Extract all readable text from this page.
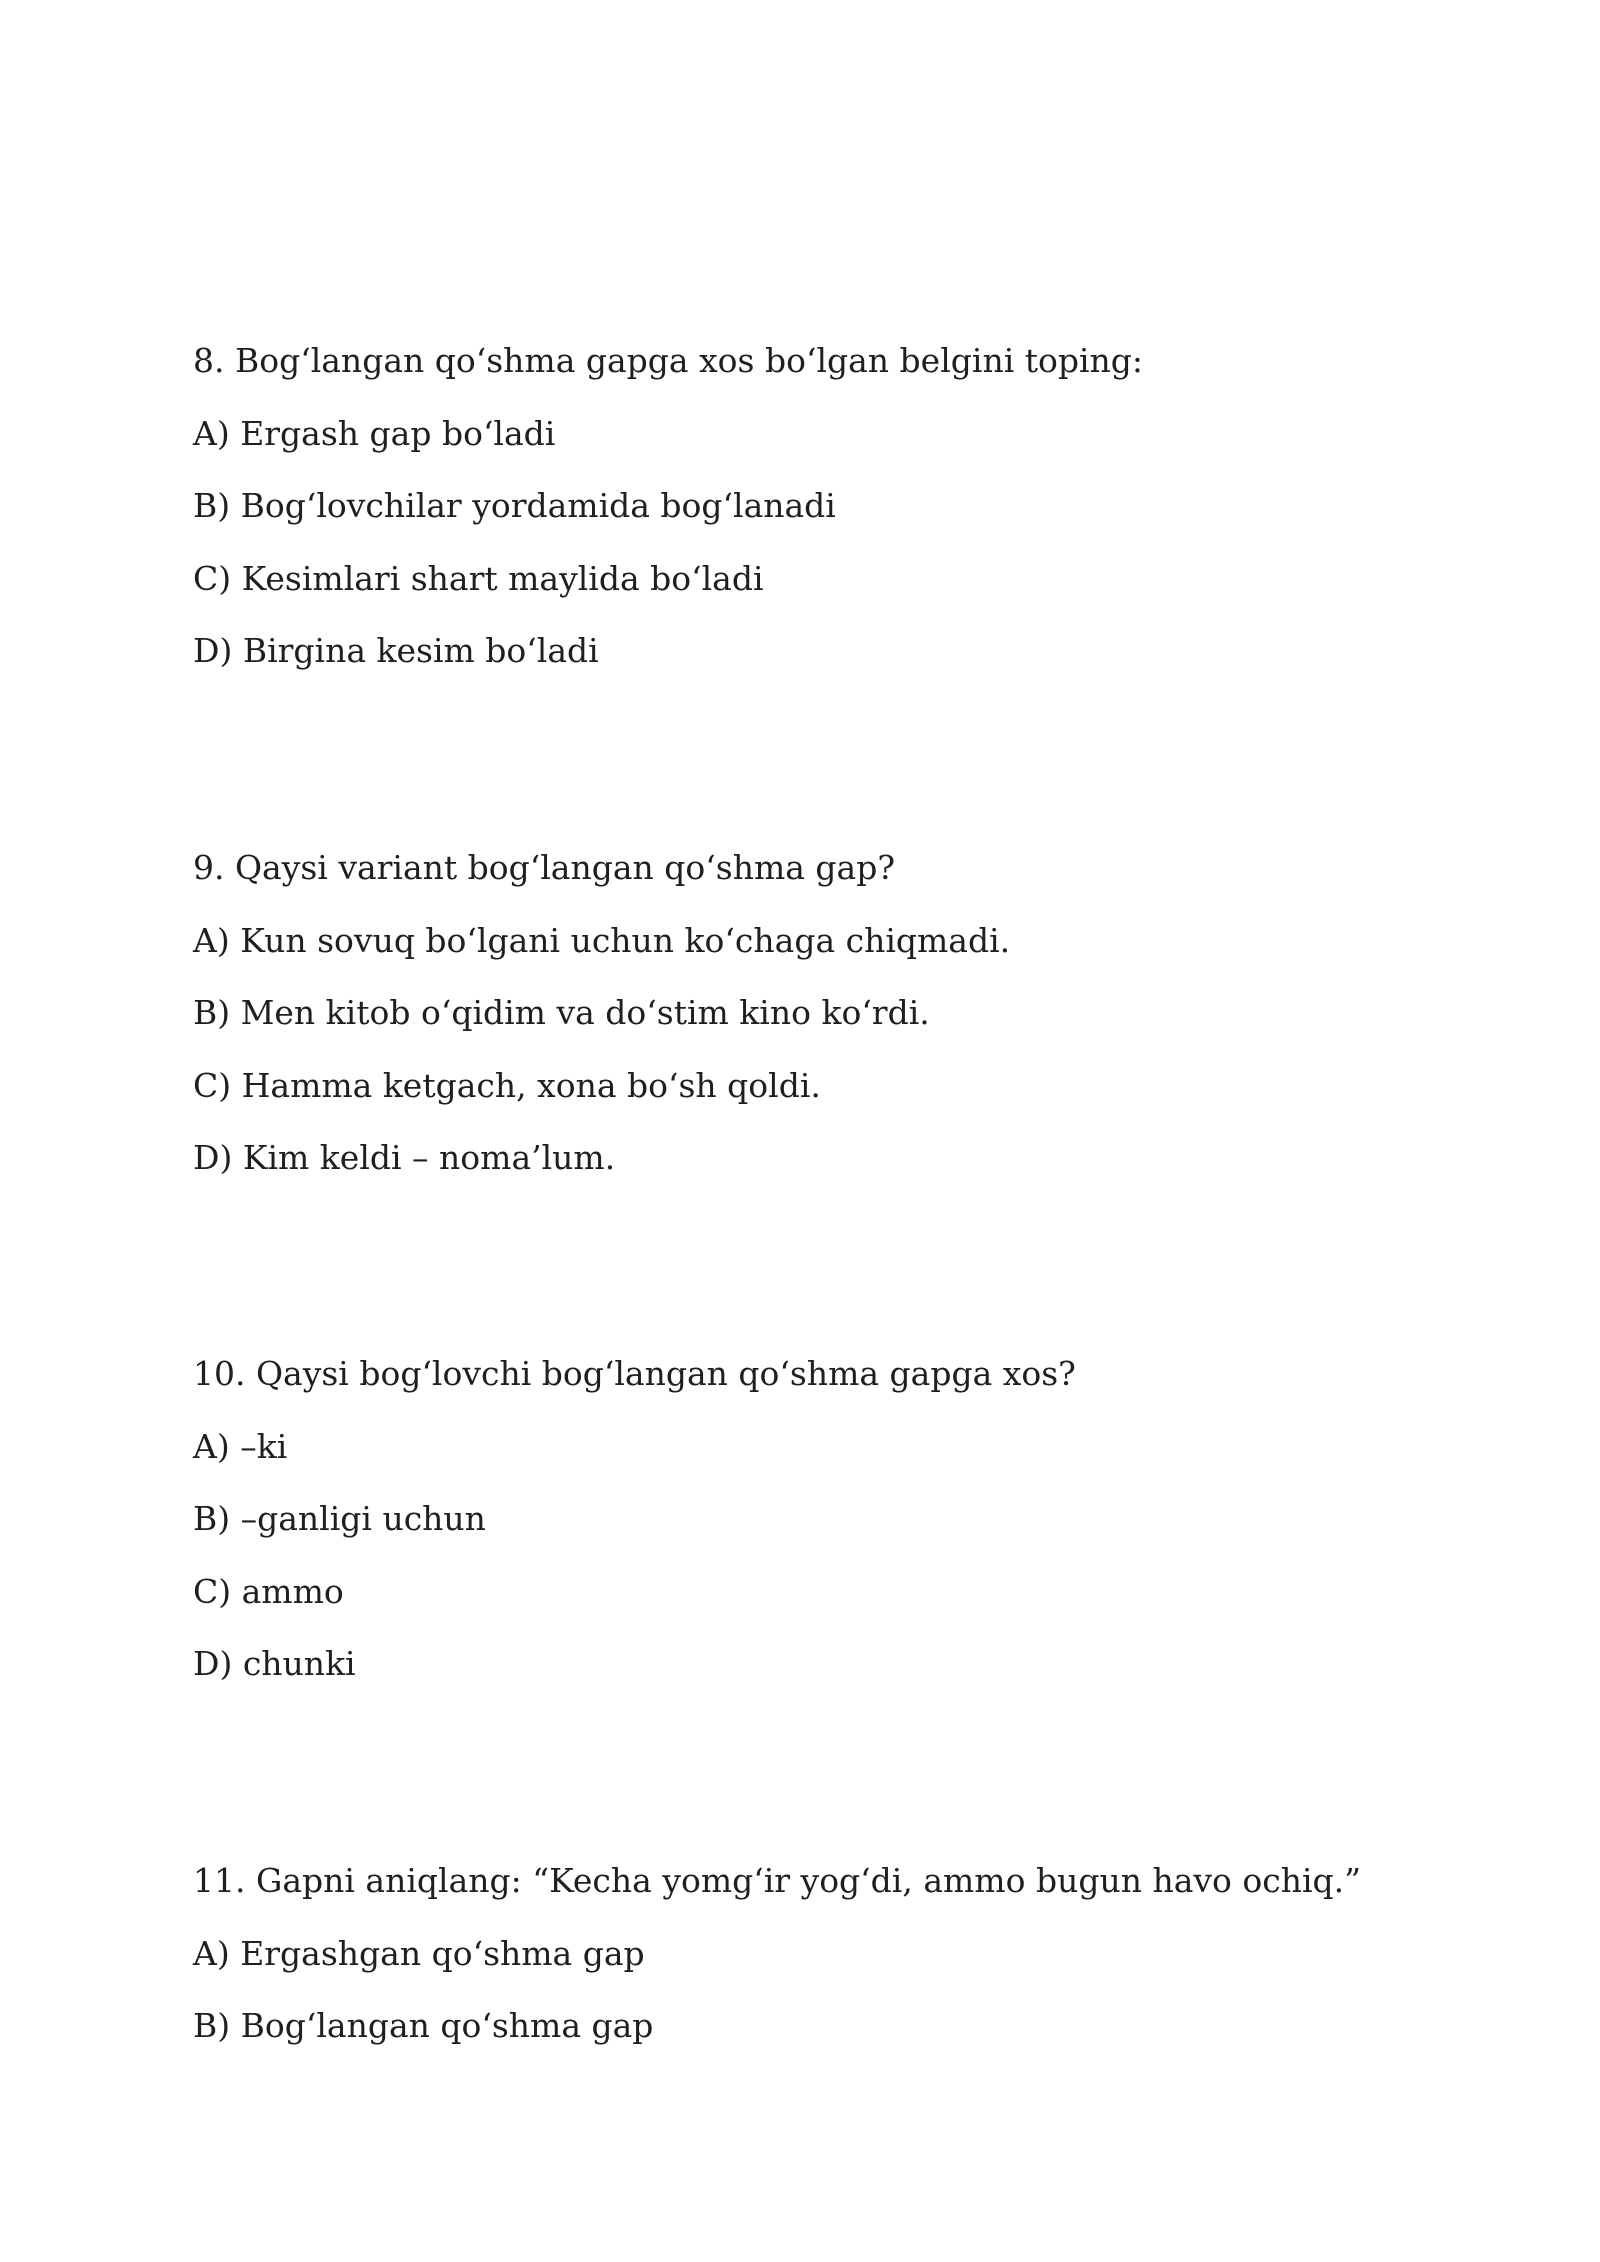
8. Bog‘langan qo‘shma gapga xos bo‘lgan belgini toping:
A) Ergash gap bo‘ladi
B) Bog‘lovchilar yordamida bog‘lanadi
C) Kesimlari shart maylida bo‘ladi
D) Birgina kesim bo‘ladi
9. Qaysi variant bog‘langan qo‘shma gap?
A) Kun sovuq bo‘lgani uchun ko‘chaga chiqmadi.
B) Men kitob o‘qidim va do‘stim kino ko‘rdi.
C) Hamma ketgach, xona bo‘sh qoldi.
D) Kim keldi – noma’lum.
10. Qaysi bog‘lovchi bog‘langan qo‘shma gapga xos?
A) –ki
B) –ganligi uchun
C) ammo
D) chunki
11. Gapni aniqlang: “Kecha yomg‘ir yog‘di, ammo bugun havo ochiq.”
A) Ergashgan qo‘shma gap
B) Bog‘langan qo‘shma gap
